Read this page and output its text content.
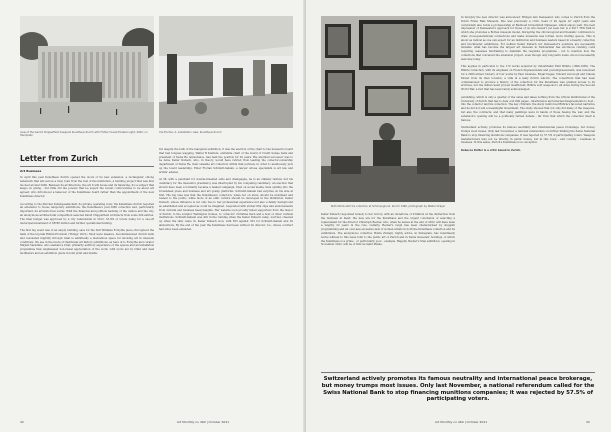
view of the Gerold Chipperfield designed Kunsthaus Zurich with Flotter! Kunst-Theater Light, 2020, on Heimplatz
Ura Fischer, A, installation view, Kunsthaus Zurich
Letter from Zurich
Art Business

In April this year Kunsthaus Zurich opened the doors of its new extension, a rectangular oblong behemoth that sits across a busy road from the rest of the institution, a building project that was first mooted around 2000. Between its architecture, the art it will house and its financing, it's a subject that keeps on giving - but little did the powers that be expect the recent controversies to be about art agreed: who introduced a takeover of the Kunsthaus board rather than the appointment of the new Kunsthaus director.

According to the Zürcher Kunstgesellschaft, its private operating body, the Kunsthaus Zurich required an extension to house temporary exhibitions, the Kunsthaus's post-1960 collection and, particularly important, its art-historical works. With the financial and political backing of the canton and the city, an anonymous architectural competition selected David Chipperfield Architects from some 200 entries. The final budget was approved by a city referendum in 2012, 53.9% of voters being for a one-off municipal investment of SFr88 million and further operational funding.

The first big event was of an empty building, save for the Sufi Williams Forsythe piece, throughout the halls of the big hall Rimini Protokoll ('Things' 2021). Most were massive, decommissioned church bells and resonated mightily through what is admittedly a marvellous space for showing art in museum conditions. We see in the mode of traditional art history exhibitions, as here of to Forsythe and curator Mirjam Varadinis, who enabled a brief, primarily auditory experience of the spaces and an installation programme that emphasised non-visual appreciation of the work, with tours led by blind and deaf facilitators and an exhibition guide in both print and braille.

Yet despite the bulk of the inaugural exhibition, it was the election of the chair to the museum's board that had tongues wagging. Walter B Kielholz, erstwhile chair of the board of Credit Suisse bank and president of Swiss Re reinsurance, had held the position for 20 years. His anointed successor was to be Anne Keller Dubach, who, in theory, would have retired from leading the collector-ownership department of Swiss Re, their sizeable art collection within that purview, in order to assiduously pick up the board leadership. Enter Florian Schmidt-Gabain, a lawyer whose specialism is art law and artists' estates.

At 38, with a penchant for double-breasted suits and champagne, he is an unlikely radical, but his candidacy for the museum's presidency was interrupted by his competing candidacy. An election that should have been a formality became a heated campaign, fired on social media, then spilling into the broadsheet press and business and art gossip platforms. Schmidt-Gabain had surprise on his side at first. His big idea was that the Kunsthaus's collection, when not on show, should be mobilised and loaned to the public, while more of an ethic culture should be developed in the institution. Keller Dubach, whose influence is not only due to her professional experience but also a family background as established and accepted as could be imagined, responded with slicker film clips and endorsements from cultural and business heavyweights. Her website soon proudly listed supporters from the mayor of Zurich, to the sculptor Wellington Gomez, to 'collector' Christine Kern and a host of other cultural institutions. Schmidt-Gabain was still in the running when the Keller Dubach camp, worried, cheered up when the tally came in: Keller Dubach won, with 853 against 353 for Schmidt-Gabain and 20 abstentions. By the end of the year the Kunsthaus had been without its director, too, whose contract had since been extended.

42	Art Monthly no 460 | October 2021
Ruth Köhlis with his collection at Schönengrund, Zurich 1960, photograph by Walter Dräyer

Keller Dubach responded tersely to her victory, with an undertone of irritation at the distraction from the business in hand: the new era for the Kunsthaus and the urgent conclusion of selecting a replacement for the director Christoph Becker, who, when he leaves at the end of 2022, will have been a lengthy 22 years in the role. Latterly, Becker's reign has been characterised by sluggish programming and an over-less excessive lack of women artists in both the Kunsthaus collection and its exhibitions. The anonymous collective Hulda Zwingli, highly active on Instagram, has relentlessly borne witness to this issue both to the public art of Zurich and in Swiss museums' holdings, of which the Kunsthaus is a prime - or particularly poor - example. Happily, Becker's final exhibition, opening in November 2022, will be of Niki de Saint Phalle.

In mid-July the new director was announced: Bridget Ann Demeester, who comes to Zurich from the Dutch Frans Hals Museum. She was previously a critic, head of ifa Apple for eight years and curatorially also holds a professorship at Radboud Universiteit Nijmegen, which enjoys well. The best impression of Demeester's approach for those of us who haven't yet seen her is a 2017 TED Talk in which she promotes a Rotten museum model, disrupting the chronological and thematic continuum to draw cross-generational connections and make museums less formal, more inviting spaces. This is about as radical as one can expect for an institution and business leaders based in a heavily collection and blockbuster exhibitions. For neither Keller Dubach nor Demeester's positions are necessarily mutable: what has become the largest art museum in Switzerland has enormous running costs requiring ceaseless fundraising to maintain the requisite programme - not to mention how the collections that conceived the extension project, even though only long-term loans, are not necessarily welcome today.

This applies in particular to the 170 works acquired by industrialist Emil Bührle (1890-1956). The Bührle Collection, with its emphasis on French Impressionism and post-Impressionism, was renowned for a 2006 armed robbery of four works by Paul Cézanne, Edgar Degas, Vincent van Gogh and Claude Monet from its then location, a villa in a leafy Zurich suburb. The consortium that had been commissioned to produce a history of the collection for the Kunsthaus was granted access to its archives, but the initial result proved insufficient: Bührle sold weapons to all sides during the Second World War, a fact that has been rarely acknowledged.

publishing, which is only a quarter of the value and takes nothing from the critical institutional of the University of Zurich that has to date cost 800 pages - interference and internal disagreements to host - into the collector and his collection. The key criticism: the study reinforced Bührle's favoured narrative and he did not win a meaningful investment. The study showed that not only did many of the weapons, but also the contracts, and that many paintings were in hands of those fleeing the war, and the extension's opening will be a politically turned debate - far from that which the collection itself is famous.

Switzerland actively promotes its famous neutrality and international peace brokerage, but money trumps most issues. Only last November, a national referendum on further limiting the Swiss National Bank to stop financing munitions companies. It was rejected by 57.5% of participating voters. Weapons manufacturers may not be directly in public money, but in this town - and country - business is business. In this sense, Zurich's Kunsthaus is no exception.

Rebecca Rotter is a critic based in Zurich.

Switzerland actively promotes its famous neutrality and international peace brokerage, but money trumps most issues. Only last November, a national referendum called for the Swiss National Bank to stop financing munitions companies; it was rejected by 57.5% of participating voters.
Art Monthly no 460 | October 2021	43
